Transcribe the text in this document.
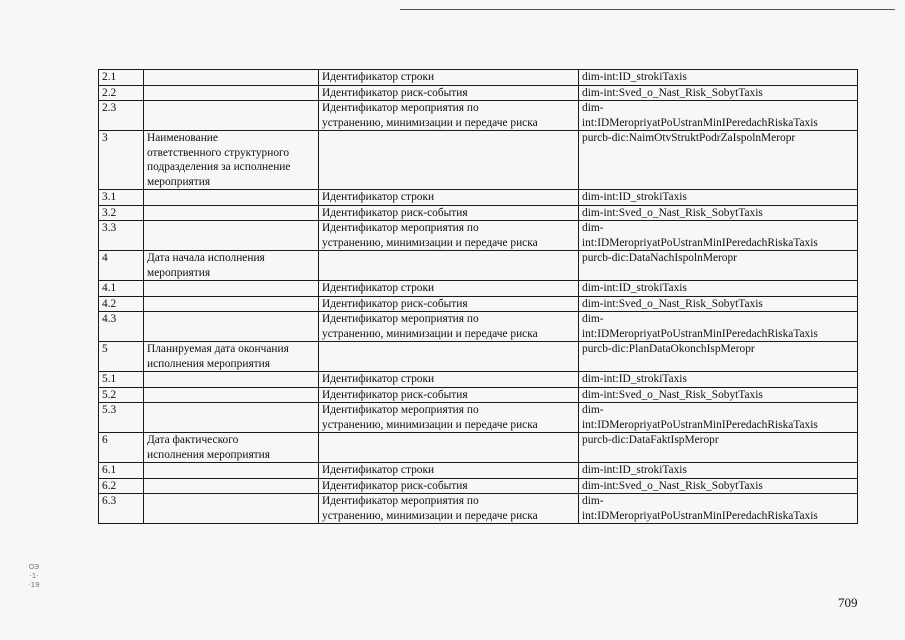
2.1		Идентификатор строки	dim-int:ID_strokiTaxis
2.2		Идентификатор риск-события	dim-int:Sved_o_Nast_Risk_SobytTaxis
2.3		Идентификатор мероприятия по
устранению, минимизации и передаче риска	dim-
int:IDMeropriyatPoUstranMinIPeredachRiskaTaxis
3	Наименование
ответственного структурного
подразделения за исполнение
мероприятия		purcb-dic:NaimOtvStruktPodrZaIspolnMeropr
3.1		Идентификатор строки	dim-int:ID_strokiTaxis
3.2		Идентификатор риск-события	dim-int:Sved_o_Nast_Risk_SobytTaxis
3.3		Идентификатор мероприятия по
устранению, минимизации и передаче риска	dim-
int:IDMeropriyatPoUstranMinIPeredachRiskaTaxis
4	Дата начала исполнения
мероприятия		purcb-dic:DataNachIspolnMeropr
4.1		Идентификатор строки	dim-int:ID_strokiTaxis
4.2		Идентификатор риск-события	dim-int:Sved_o_Nast_Risk_SobytTaxis
4.3		Идентификатор мероприятия по
устранению, минимизации и передаче риска	dim-
int:IDMeropriyatPoUstranMinIPeredachRiskaTaxis
5	Планируемая дата окончания
исполнения мероприятия		purcb-dic:PlanDataOkonchIspMeropr
5.1		Идентификатор строки	dim-int:ID_strokiTaxis
5.2		Идентификатор риск-события	dim-int:Sved_o_Nast_Risk_SobytTaxis
5.3		Идентификатор мероприятия по
устранению, минимизации и передаче риска	dim-
int:IDMeropriyatPoUstranMinIPeredachRiskaTaxis
6	Дата фактического
исполнения мероприятия		purcb-dic:DataFaktIspMeropr
6.1		Идентификатор строки	dim-int:ID_strokiTaxis
6.2		Идентификатор риск-события	dim-int:Sved_o_Nast_Risk_SobytTaxis
6.3		Идентификатор мероприятия по
устранению, минимизации и передаче риска	dim-
int:IDMeropriyatPoUstranMinIPeredachRiskaTaxis
ОЭ
·1·
·19
709
